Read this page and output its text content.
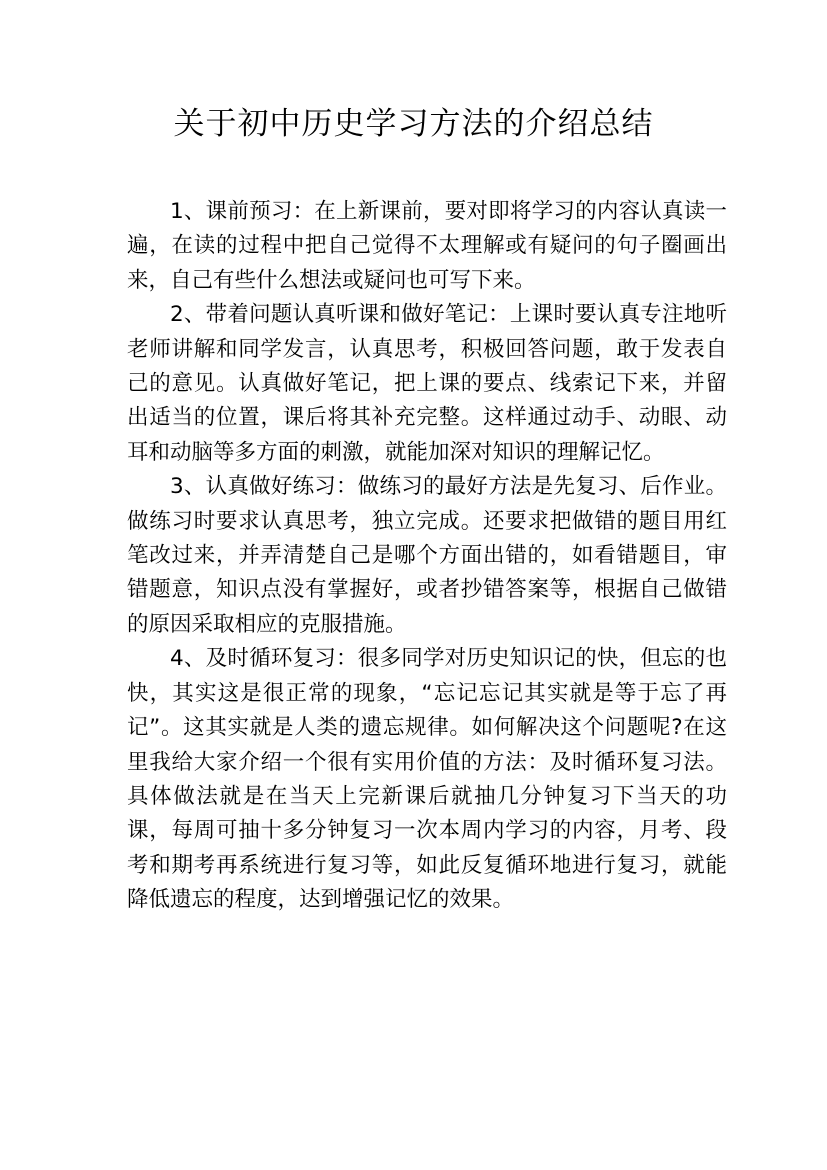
关于初中历史学习方法的介绍总结

1、课前预习：在上新课前，要对即将学习的内容认真读一遍，在读的过程中把自己觉得不太理解或有疑问的句子圈画出来，自己有些什么想法或疑问也可写下来。

2、带着问题认真听课和做好笔记：上课时要认真专注地听老师讲解和同学发言，认真思考，积极回答问题，敢于发表自己的意见。认真做好笔记，把上课的要点、线索记下来，并留出适当的位置，课后将其补充完整。这样通过动手、动眼、动耳和动脑等多方面的刺激，就能加深对知识的理解记忆。

3、认真做好练习：做练习的最好方法是先复习、后作业。做练习时要求认真思考，独立完成。还要求把做错的题目用红笔改过来，并弄清楚自己是哪个方面出错的，如看错题目，审错题意，知识点没有掌握好，或者抄错答案等，根据自己做错的原因采取相应的克服措施。

4、及时循环复习：很多同学对历史知识记的快，但忘的也快，其实这是很正常的现象，“忘记忘记其实就是等于忘了再记”。这其实就是人类的遗忘规律。如何解决这个问题呢?在这里我给大家介绍一个很有实用价值的方法：及时循环复习法。具体做法就是在当天上完新课后就抽几分钟复习下当天的功课，每周可抽十多分钟复习一次本周内学习的内容，月考、段考和期考再系统进行复习等，如此反复循环地进行复习，就能降低遗忘的程度，达到增强记忆的效果。
